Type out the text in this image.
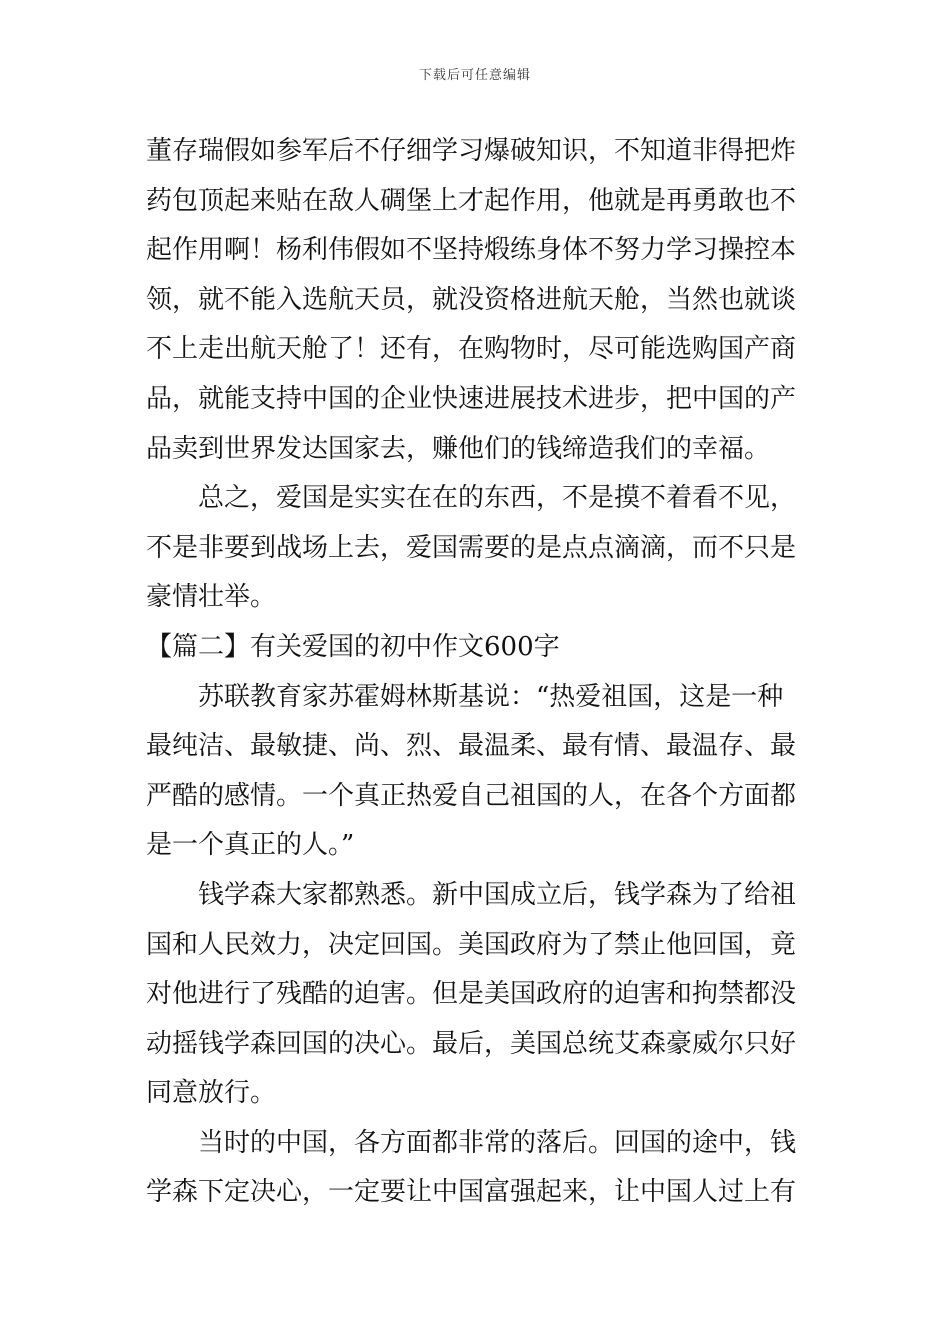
下载后可任意编辑
董存瑞假如参军后不仔细学习爆破知识，不知道非得把炸
药包顶起来贴在敌人碉堡上才起作用，他就是再勇敢也不
起作用啊！杨利伟假如不坚持煅练身体不努力学习操控本
领，就不能入选航天员，就没资格进航天舱，当然也就谈
不上走出航天舱了！还有，在购物时，尽可能选购国产商
品，就能支持中国的企业快速进展技术进步，把中国的产
品卖到世界发达国家去，赚他们的钱缔造我们的幸福。
总之，爱国是实实在在的东西，不是摸不着看不见，
不是非要到战场上去，爱国需要的是点点滴滴，而不只是
豪情壮举。
【篇二】有关爱国的初中作文600字
苏联教育家苏霍姆林斯基说：“热爱祖国，这是一种
最纯洁、最敏捷、尚、烈、最温柔、最有情、最温存、最
严酷的感情。一个真正热爱自己祖国的人，在各个方面都
是一个真正的人。”
钱学森大家都熟悉。新中国成立后，钱学森为了给祖
国和人民效力，决定回国。美国政府为了禁止他回国，竟
对他进行了残酷的迫害。但是美国政府的迫害和拘禁都没
动摇钱学森回国的决心。最后，美国总统艾森豪威尔只好
同意放行。
当时的中国，各方面都非常的落后。回国的途中，钱
学森下定决心，一定要让中国富强起来，让中国人过上有
